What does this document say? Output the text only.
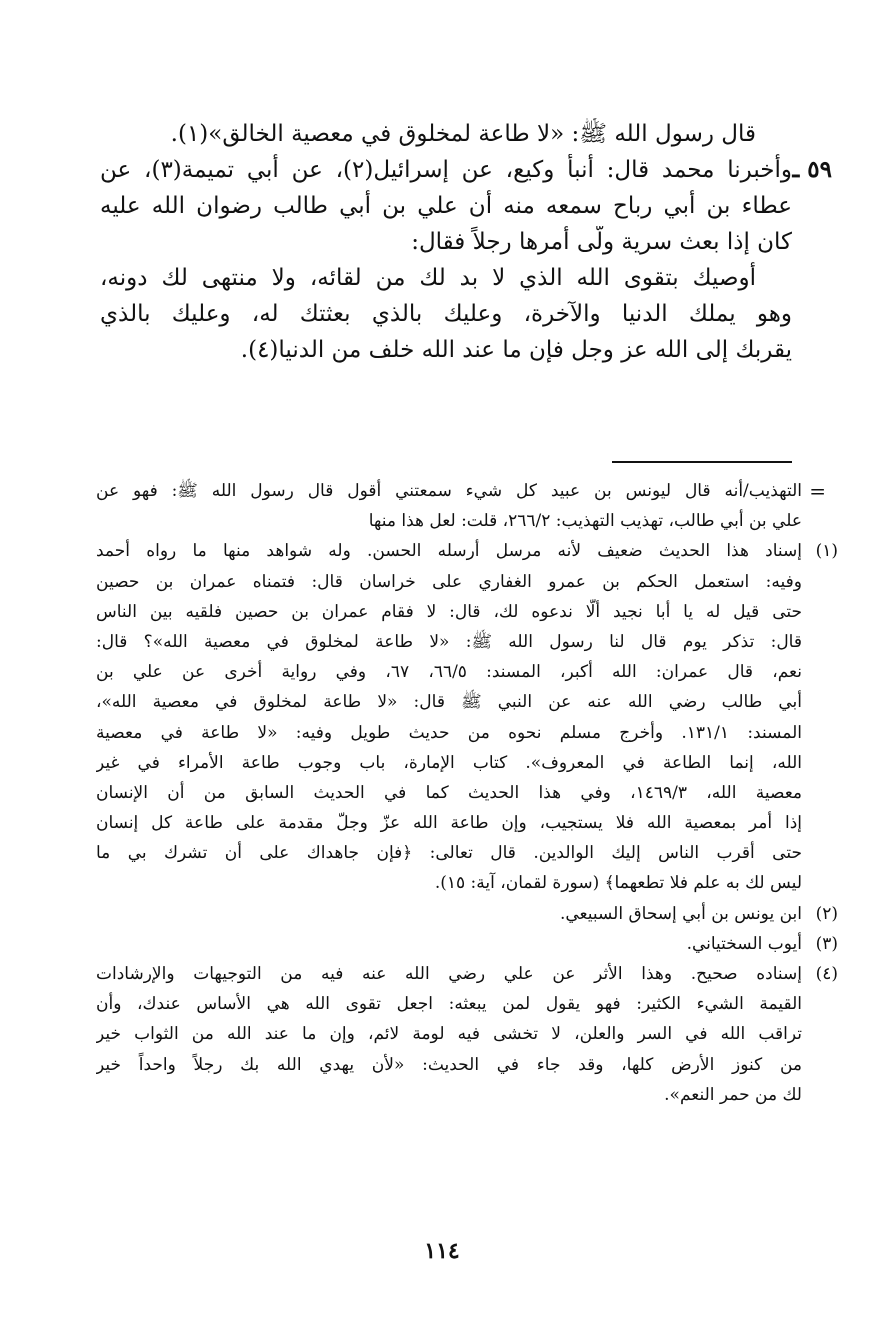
قال رسول الله ﷺ: «لا طاعة لمخلوق في معصية الخالق»(١).

٥٩ ـ

وأخبرنا محمد قال: أنبأ وكيع، عن إسرائيل(٢)، عن أبي تميمة(٣)، عن

عطاء بن أبي رباح سمعه منه أن علي بن أبي طالب رضوان الله عليه

كان إذا بعث سرية ولّى أمرها رجلاً فقال:

أوصيك بتقوى الله الذي لا بد لك من لقائه، ولا منتهى لك دونه،

وهو يملك الدنيا والآخرة، وعليك بالذي بعثتك له، وعليك بالذي

يقربك إلى الله عز وجل فإن ما عند الله خلف من الدنيا(٤).

=

التهذيب/أنه قال ليونس بن عبيد كل شيء سمعتني أقول قال رسول الله ﷺ: فهو عن

علي بن أبي طالب، تهذيب التهذيب: ٢٦٦/٢، قلت: لعل هذا منها

(١)

إسناد هذا الحديث ضعيف لأنه مرسل أرسله الحسن. وله شواهد منها ما رواه أحمد

وفيه: استعمل الحكم بن عمرو الغفاري على خراسان قال: فتمناه عمران بن حصين

حتى قيل له يا أبا نجيد ألّا ندعوه لك، قال: لا فقام عمران بن حصين فلقيه بين الناس

قال: تذكر يوم قال لنا رسول الله ﷺ: «لا طاعة لمخلوق في معصية الله»؟ قال:

نعم، قال عمران: الله أكبر، المسند: ٦٦/٥، ٦٧، وفي رواية أخرى عن علي بن

أبي طالب رضي الله عنه عن النبي ﷺ قال: «لا طاعة لمخلوق في معصية الله»،

المسند: ١٣١/١. وأخرج مسلم نحوه من حديث طويل وفيه: «لا طاعة في معصية

الله، إنما الطاعة في المعروف». كتاب الإمارة، باب وجوب طاعة الأمراء في غير

معصية الله، ١٤٦٩/٣، وفي هذا الحديث كما في الحديث السابق من أن الإنسان

إذا أمر بمعصية الله فلا يستجيب، وإن طاعة الله عزّ وجلّ مقدمة على طاعة كل إنسان

حتى أقرب الناس إليك الوالدين. قال تعالى: ﴿فإن جاهداك على أن تشرك بي ما

ليس لك به علم فلا تطعهما﴾ (سورة لقمان، آية: ١٥).

(٢)

ابن يونس بن أبي إسحاق السبيعي.

(٣)

أيوب السختياني.

(٤)

إسناده صحيح. وهذا الأثر عن علي رضي الله عنه فيه من التوجيهات والإرشادات

القيمة الشيء الكثير: فهو يقول لمن يبعثه: اجعل تقوى الله هي الأساس عندك، وأن

تراقب الله في السر والعلن، لا تخشى فيه لومة لائم، وإن ما عند الله من الثواب خير

من كنوز الأرض كلها، وقد جاء في الحديث: «لأن يهدي الله بك رجلاً واحداً خير

لك من حمر النعم».

١١٤
